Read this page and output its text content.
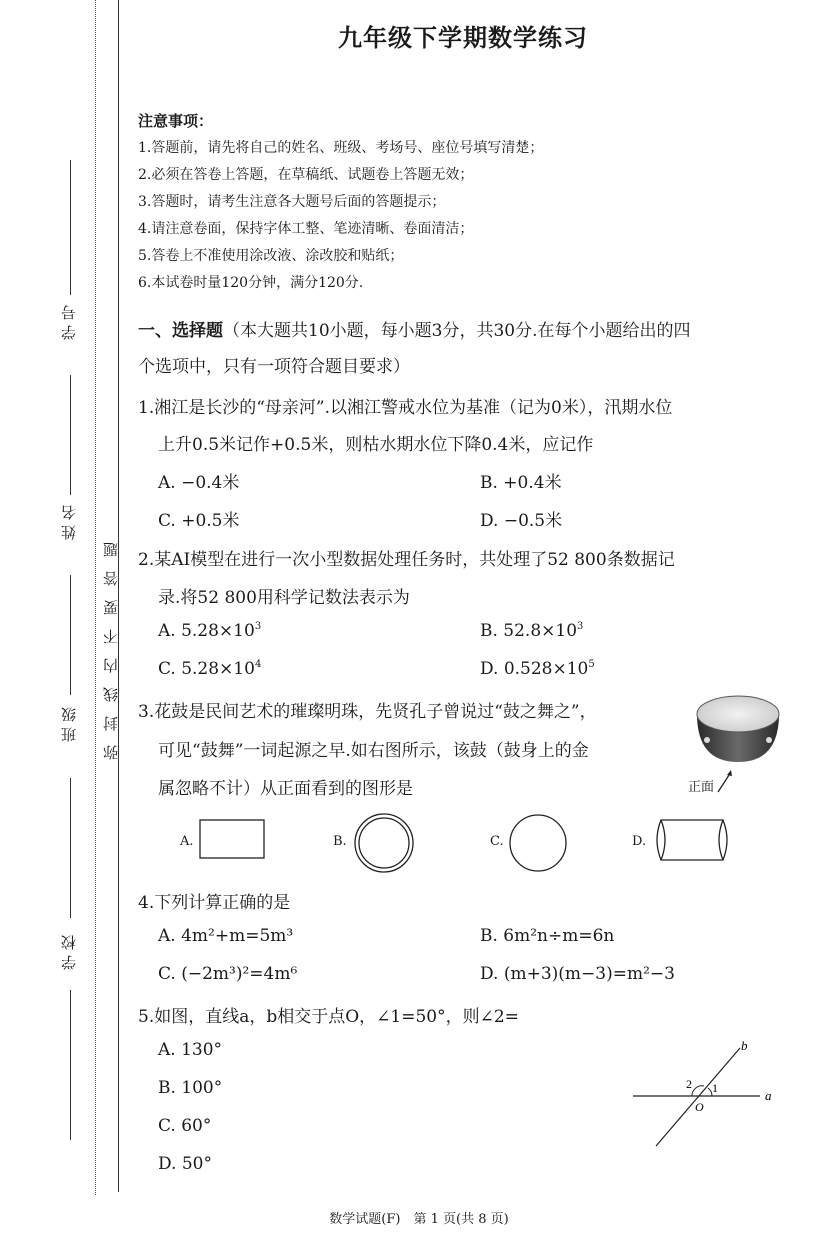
学 号
姓 名
班 级
学 校
弥封线内不要答题
九年级下学期数学练习
注意事项：
1.答题前，请先将自己的姓名、班级、考场号、座位号填写清楚；
2.必须在答卷上答题，在草稿纸、试题卷上答题无效；
3.答题时，请考生注意各大题号后面的答题提示；
4.请注意卷面，保持字体工整、笔迹清晰、卷面清洁；
5.答卷上不准使用涂改液、涂改胶和贴纸；
6.本试卷时量120分钟，满分120分.
一、选择题（本大题共10小题，每小题3分，共30分.在每个小题给出的四
个选项中，只有一项符合题目要求）
1.湘江是长沙的“母亲河”.以湘江警戒水位为基准（记为0米），汛期水位
上升0.5米记作+0.5米，则枯水期水位下降0.4米，应记作
A. −0.4米	B. +0.4米
C. +0.5米	D. −0.5米
2.某AI模型在进行一次小型数据处理任务时，共处理了52 800条数据记
录.将52 800用科学记数法表示为
A. $5.28\times 10^3$	B. $52.8\times 10^3$
C. $5.28\times 10^4$	D. $0.528\times 10^5$
3.花鼓是民间艺术的璀璨明珠，先贤孔子曾说过“鼓之舞之”，
可见“鼓舞”一词起源之早.如右图所示，该鼓（鼓身上的金
属忽略不计）从正面看到的图形是	正面
A.	B.	C.	D.
4.下列计算正确的是
A. 4m²+m=5m³	B. 6m²n÷m=6n
C. (−2m³)²=4m⁶	D. (m+3)(m−3)=m²−3
5.如图，直线a，b相交于点O，∠1=50°，则∠2=
A. 130°
B. 100°
C. 60°
D. 50°
a
b
O
1
2
数学试题(F)　第 1 页(共 8 页)
